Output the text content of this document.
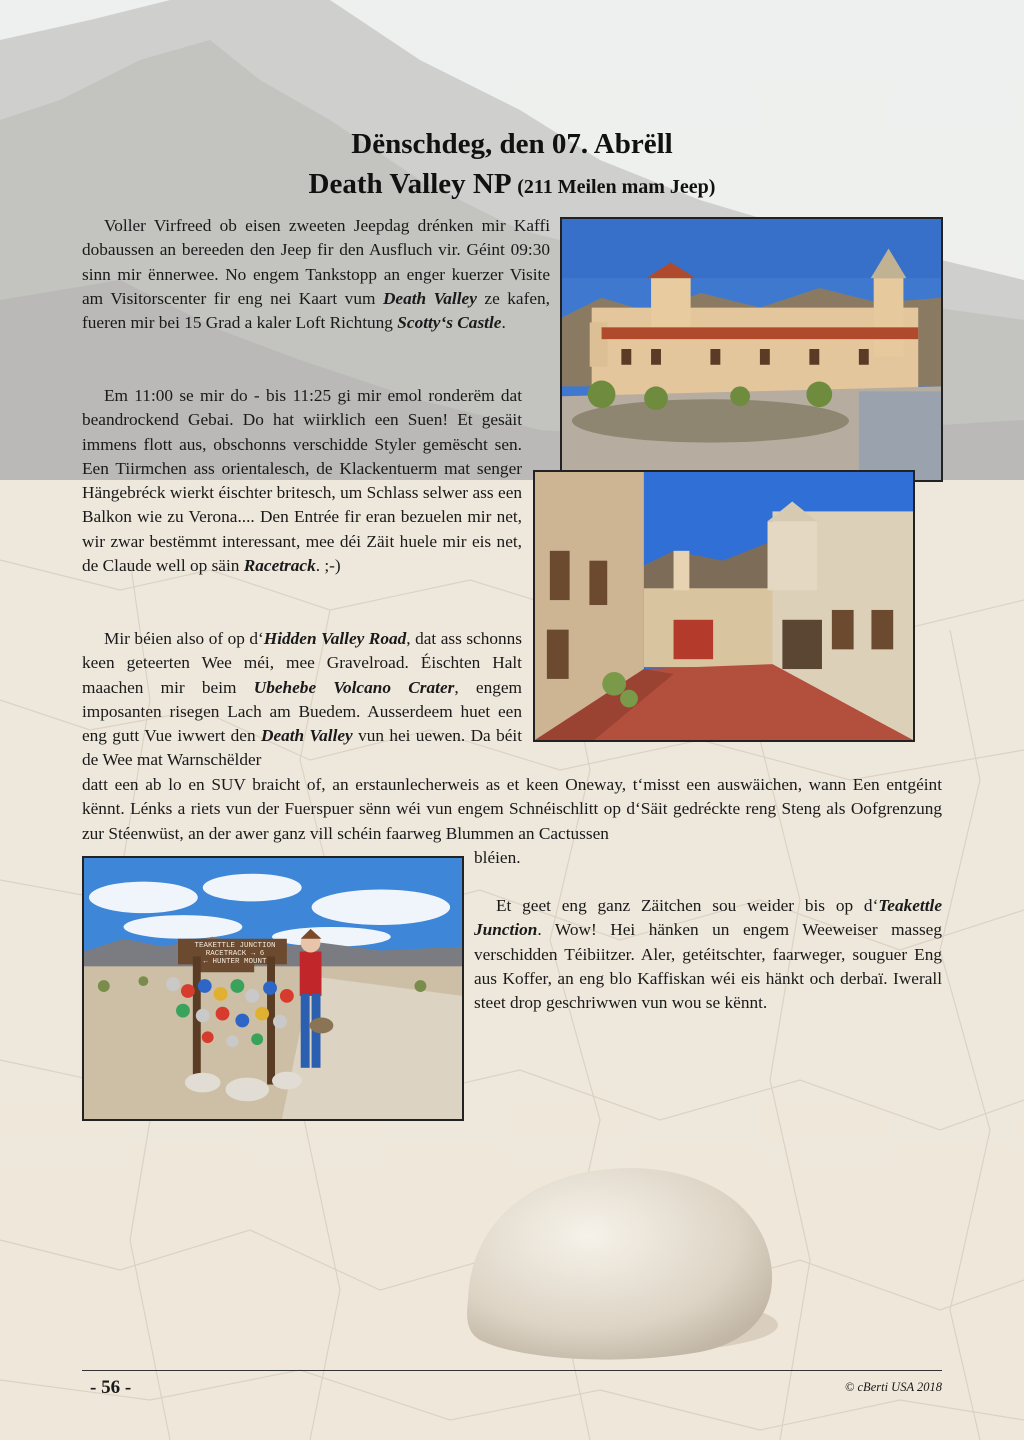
Dënschdeg, den 07. Abrëll
Death Valley NP (211 Meilen mam Jeep)

Voller Virfreed ob eisen zweeten Jeepdag drénken mir Kaffi dobaussen an bereeden den Jeep fir den Ausfluch vir. Géint 09:30 sinn mir ënnerwee. No engem Tankstopp an enger kuerzer Visite am Visitorscenter fir eng nei Kaart vum Death Valley ze kafen, fueren mir bei 15 Grad a kaler Loft Richtung Scotty‘s Castle.

Em 11:00 se mir do - bis 11:25 gi mir emol ronderëm dat beandrockend Gebai. Do hat wiirklich een Suen! Et gesäit immens flott aus, obschonns verschidde Styler gemëscht sen. Een Tiirmchen ass orientalesch, de Klackentuerm mat senger Hängebréck wierkt éischter britesch, um Schlass selwer ass een Balkon wie zu Verona.... Den Entrée fir eran bezuelen mir net, wir zwar bestëmmt interessant, mee déi Zäit huele mir eis net, de Claude well op säin Racetrack. ;-)

Mir béien also of op d‘Hidden Valley Road, dat ass schonns keen geteerten Wee méi, mee Gravelroad. Éischten Halt maachen mir beim Ubehebe Volcano Crater, engem imposanten risegen Lach am Buedem. Ausserdeem huet een eng gutt Vue iwwert den Death Valley vun hei uewen. Da béit de Wee mat Warnschëlder

datt een ab lo en SUV braicht of, an erstaunlecherweis as et keen Oneway, t‘misst een auswäichen, wann Een entgéint kënnt. Lénks a riets vun der Fuerspuer sënn wéi vun engem Schnéischlitt op d‘Säit gedréckte reng Steng als Oofgrenzung zur Stéenwüst, an der awer ganz vill schéin faarweg Blummen an Cactussen

bléien.

Et geet eng ganz Zäitchen sou weider bis op d‘Teakettle Junction. Wow! Hei hänken un engem Weeweiser masseg verschidden Téibiitzer. Aler, getéitschter, faarweger, souguer Eng aus Koffer, an eng blo Kaffiskan wéi eis hänkt och derbaï. Iwerall steet drop geschriwwen vun wou se kënnt.

TEAKETTLE JUNCTION
RACETRACK → 6
← HUNTER MOUNT
- 56 -	© cBerti USA 2018
